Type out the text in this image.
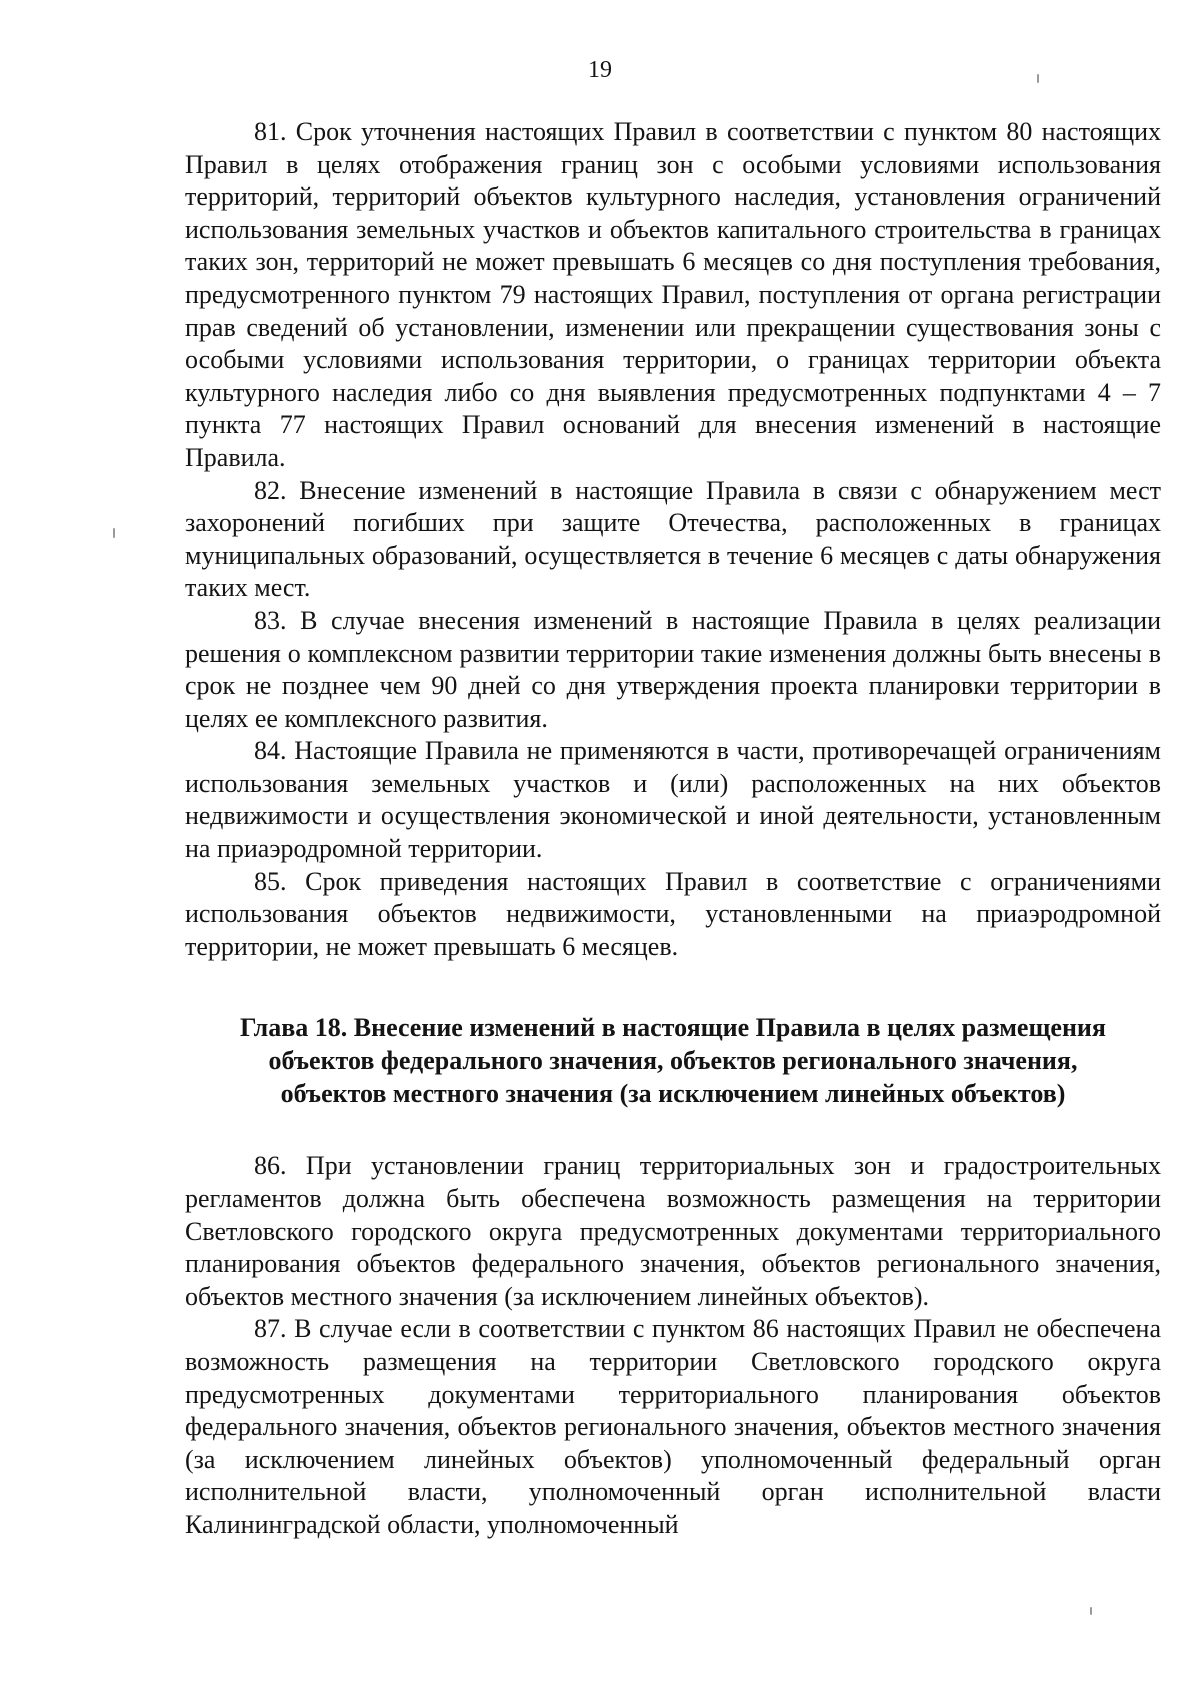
19

81. Срок уточнения настоящих Правил в соответствии с пунктом 80 настоящих Правил в целях отображения границ зон с особыми условиями использования территорий, территорий объектов культурного наследия, установления ограничений использования земельных участков и объектов капитального строительства в границах таких зон, территорий не может превышать 6 месяцев со дня поступления требования, предусмотренного пунктом 79 настоящих Правил, поступления от органа регистрации прав сведений об установлении, изменении или прекращении существования зоны с особыми условиями использования территории, о границах территории объекта культурного наследия либо со дня выявления предусмотренных подпунктами 4 – 7 пункта 77 настоящих Правил оснований для внесения изменений в настоящие Правила.

82. Внесение изменений в настоящие Правила в связи с обнаружением мест захоронений погибших при защите Отечества, расположенных в границах муниципальных образований, осуществляется в течение 6 месяцев с даты обнаружения таких мест.

83. В случае внесения изменений в настоящие Правила в целях реализации решения о комплексном развитии территории такие изменения должны быть внесены в срок не позднее чем 90 дней со дня утверждения проекта планировки территории в целях ее комплексного развития.

84. Настоящие Правила не применяются в части, противоречащей ограничениям использования земельных участков и (или) расположенных на них объектов недвижимости и осуществления экономической и иной деятельности, установленным на приаэродромной территории.

85. Срок приведения настоящих Правил в соответствие с ограничениями использования объектов недвижимости, установленными на приаэродромной территории, не может превышать 6 месяцев.

Глава 18. Внесение изменений в настоящие Правила в целях размещения
объектов федерального значения, объектов регионального значения,
объектов местного значения (за исключением линейных объектов)

86. При установлении границ территориальных зон и градостроительных регламентов должна быть обеспечена возможность размещения на территории Светловского городского округа предусмотренных документами территориального планирования объектов федерального значения, объектов регионального значения, объектов местного значения (за исключением линейных объектов).

87. В случае если в соответствии с пунктом 86 настоящих Правил не обеспечена возможность размещения на территории Светловского городского округа предусмотренных документами территориального планирования объектов федерального значения, объектов регионального значения, объектов местного значения (за исключением линейных объектов) уполномоченный федеральный орган исполнительной власти, уполномоченный орган исполнительной власти Калининградской области, уполномоченный
